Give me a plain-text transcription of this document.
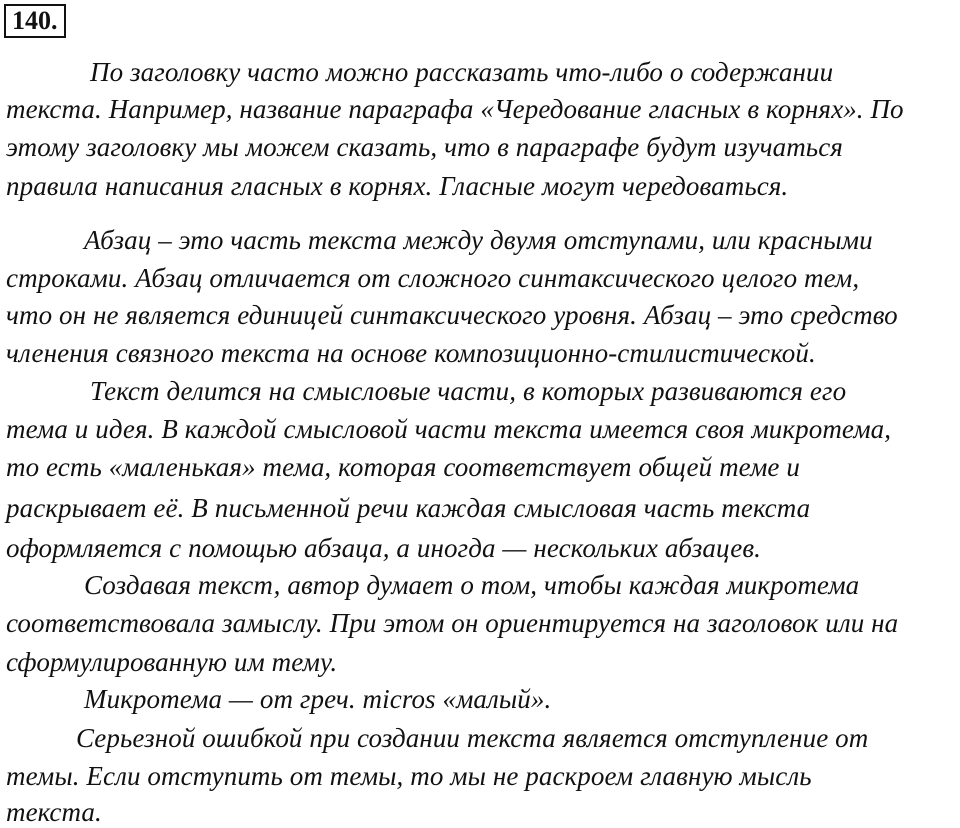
140.
По заголовку часто можно рассказать что-либо о содержании
текста. Например, название параграфа «Чередование гласных в корнях». По
этому заголовку мы можем сказать, что в параграфе будут изучаться
правила написания гласных в корнях. Гласные могут чередоваться.
Абзац – это часть текста между двумя отступами, или красными
строками. Абзац отличается от сложного синтаксического целого тем,
что он не является единицей синтаксического уровня. Абзац – это средство
членения связного текста на основе композиционно-стилистической.
Текст делится на смысловые части, в которых развиваются его
тема и идея. В каждой смысловой части текста имеется своя микротема,
то есть «маленькая» тема, которая соответствует общей теме и
раскрывает её. В письменной речи каждая смысловая часть текста
оформляется с помощью абзаца, а иногда — нескольких абзацев.
Создавая текст, автор думает о том, чтобы каждая микротема
соответствовала замыслу. При этом он ориентируется на заголовок или на
сформулированную им тему.
Микротема — от греч. micros «малый».
Серьезной ошибкой при создании текста является отступление от
темы. Если отступить от темы, то мы не раскроем главную мысль
текста.
